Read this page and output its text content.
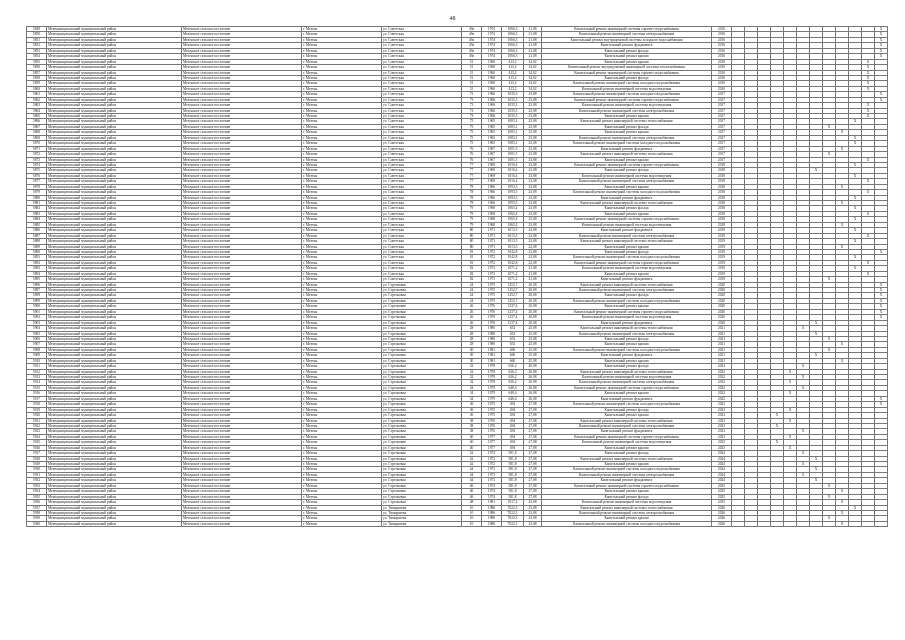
48
5849	Межмуниципальный муниципальный район	Мезенское сельское поселение	г. Мезень	ул. Советская	49а	1974	1066,3	21,08	Капитальный ремонт инженерной системы горячего водоснабжения	2016												X
5850	Межмуниципальный муниципальный район	Мезенское сельское поселение	г. Мезень	ул. Советская	49а	1974	1066,3	21,08	Капитальный ремонт инженерной системы электроснабжения	2016												X
5851	Межмуниципальный муниципальный район	Мезенское сельское поселение	г. Мезень	ул. Советская	49а	1974	1066,3	21,08	Капитальный ремонт внутридомовой системы холодного водоснабжения	2016												X
5852	Межмуниципальный муниципальный район	Мезенское сельское поселение	г. Мезень	ул. Советская	49а	1974	1066,3	21,08	Капитальный ремонт фундамента	2016												X
5853	Межмуниципальный муниципальный район	Мезенское сельское поселение	г. Мезень	ул. Советская	49а	1974	1066,3	21,08	Капитальный ремонт фасада	2016												X
5854	Межмуниципальный муниципальный район	Мезенское сельское поселение	г. Мезень	ул. Советская	49а	1974	1066,3	21,08	Капитальный ремонт крыши	2016												X
5855	Межмуниципальный муниципальный район	Мезенское сельское поселение	г. Мезень	ул. Советская	51	1960	413,2	34,02	Капитальный ремонт крыши	2016											X	
5856	Межмуниципальный муниципальный район	Мезенское сельское поселение	г. Мезень	ул. Советская	51	1960	413,2	34,02	Капитальный ремонт внутридомовой инженерной системы теплоснабжения	2016											X	
5857	Межмуниципальный муниципальный район	Мезенское сельское поселение	г. Мезень	ул. Советская	51	1960	413,2	34,02	Капитальный ремонт инженерной системы горячего водоснабжения	2016											X	
5858	Межмуниципальный муниципальный район	Мезенское сельское поселение	г. Мезень	ул. Советская	51	1960	413,2	34,02	Капитальный ремонт фасада	2016											X	
5859	Межмуниципальный муниципальный район	Мезенское сельское поселение	г. Мезень	ул. Советская	51	1960	413,2	34,02	Капитальный ремонт инженерной системы холодного водоснабжения	2016											X	
5860	Межмуниципальный муниципальный район	Мезенское сельское поселение	г. Мезень	ул. Советская	51	1960	413,2	34,02	Капитальный ремонт инженерной системы водоотведения	2016											X	
5861	Межмуниципальный муниципальный район	Мезенское сельское поселение	г. Мезень	ул. Советская	73	1966	1035,3	23,08	Капитальный ремонт инженерной системы холодного водоснабжения	2017												X
5862	Межмуниципальный муниципальный район	Мезенское сельское поселение	г. Мезень	ул. Советская	73	1966	1035,3	23,08	Капитальный ремонт инженерной системы горячего водоснабжения	2017												X
5863	Межмуниципальный муниципальный район	Мезенское сельское поселение	г. Мезень	ул. Советская	73	1966	1035,3	23,08	Капитальный ремонт инженерной системы водоотведения	2017											X	
5864	Межмуниципальный муниципальный район	Мезенское сельское поселение	г. Мезень	ул. Советская	73	1966	1035,3	23,08	Капитальный ремонт инженерной системы электроснабжения	2017											X	
5865	Межмуниципальный муниципальный район	Мезенское сельское поселение	г. Мезень	ул. Советская	73	1966	1035,3	23,08	Капитальный ремонт крыши	2017											X	
5866	Межмуниципальный муниципальный район	Мезенское сельское поселение	г. Мезень	ул. Советская	75	1965	1083,1	23,08	Капитальный ремонт инженерной системы теплоснабжения	2017										X		
5867	Межмуниципальный муниципальный район	Мезенское сельское поселение	г. Мезень	ул. Советская	75	1965	1083,1	23,08	Капитальный ремонт фасада	2017								X				
5868	Межмуниципальный муниципальный район	Мезенское сельское поселение	г. Мезень	ул. Советская	75	1965	1083,1	23,08	Капитальный ремонт крыши	2017									X			
5869	Межмуниципальный муниципальный район	Мезенское сельское поселение	г. Мезень	ул. Советская	75	1965	1083,1	23,08	Капитальный ремонт инженерной системы электроснабжения	2017										X		
5870	Межмуниципальный муниципальный район	Мезенское сельское поселение	г. Мезень	ул. Советская	75	1965	1083,1	23,08	Капитальный ремонт инженерной системы холодного водоснабжения	2017										X		
5871	Межмуниципальный муниципальный район	Мезенское сельское поселение	г. Мезень	ул. Советская	76	1967	1001,5	23,08	Капитальный ремонт фундамента	2017									X			
5872	Межмуниципальный муниципальный район	Мезенское сельское поселение	г. Мезень	ул. Советская	76	1967	1001,5	23,08	Капитальный ремонт инженерной системы теплоснабжения	2017								X				
5873	Межмуниципальный муниципальный район	Мезенское сельское поселение	г. Мезень	ул. Советская	76	1967	1001,5	23,08	Капитальный ремонт крыши	2017											X	
5874	Межмуниципальный муниципальный район	Мезенское сельское поселение	г. Мезень	ул. Советская	77	1969	1016,4	23,08	Капитальный ремонт инженерной системы горячего водоснабжения	2018										X		
5875	Межмуниципальный муниципальный район	Мезенское сельское поселение	г. Мезень	ул. Советская	77	1969	1016,4	23,08	Капитальный ремонт фасада	2018							X					
5876	Межмуниципальный муниципальный район	Мезенское сельское поселение	г. Мезень	ул. Советская	77	1969	1016,4	23,08	Капитальный ремонт инженерной системы водоотведения	2018										X		
5877	Межмуниципальный муниципальный район	Мезенское сельское поселение	г. Мезень	ул. Советская	77	1969	1016,4	23,08	Капитальный ремонт инженерной системы электроснабжения	2018											X	
5878	Межмуниципальный муниципальный район	Мезенское сельское поселение	г. Мезень	ул. Советская	78	1966	1093,5	23,08	Капитальный ремонт крыши	2018									X			
5879	Межмуниципальный муниципальный район	Мезенское сельское поселение	г. Мезень	ул. Советская	78	1966	1093,5	23,08	Капитальный ремонт инженерной системы холодного водоснабжения	2018											X	
5880	Межмуниципальный муниципальный район	Мезенское сельское поселение	г. Мезень	ул. Советская	78	1966	1093,5	23,08	Капитальный ремонт фундамента	2018										X		
5881	Межмуниципальный муниципальный район	Мезенское сельское поселение	г. Мезень	ул. Советская	78	1966	1093,5	23,08	Капитальный ремонт инженерной системы теплоснабжения	2018									X			
5882	Межмуниципальный муниципальный район	Мезенское сельское поселение	г. Мезень	ул. Советская	79	1968	1065,4	23,08	Капитальный ремонт фасада	2018										X		
5883	Межмуниципальный муниципальный район	Мезенское сельское поселение	г. Мезень	ул. Советская	79	1968	1065,4	23,08	Капитальный ремонт крыши	2018											X	
5884	Межмуниципальный муниципальный район	Мезенское сельское поселение	г. Мезень	ул. Советская	79	1968	1065,4	23,08	Капитальный ремонт инженерной системы горячего водоснабжения	2018										X		
5885	Межмуниципальный муниципальный район	Мезенское сельское поселение	г. Мезень	ул. Советская	79	1968	1065,4	23,08	Капитальный ремонт инженерной системы водоотведения	2018									X			
5886	Межмуниципальный муниципальный район	Мезенское сельское поселение	г. Мезень	ул. Советская	80	1971	1013,5	22,08	Капитальный ремонт фундамента	2019										X		
5887	Межмуниципальный муниципальный район	Мезенское сельское поселение	г. Мезень	ул. Советская	80	1971	1013,5	22,08	Капитальный ремонт инженерной системы электроснабжения	2019											X	
5888	Межмуниципальный муниципальный район	Мезенское сельское поселение	г. Мезень	ул. Советская	80	1971	1013,5	22,08	Капитальный ремонт инженерной системы теплоснабжения	2019										X		
5889	Межмуниципальный муниципальный район	Мезенское сельское поселение	г. Мезень	ул. Советская	80	1971	1013,5	22,08	Капитальный ремонт крыши	2019									X			
5890	Межмуниципальный муниципальный район	Мезенское сельское поселение	г. Мезень	ул. Советская	81	1972	1042,8	22,08	Капитальный ремонт фасада	2019												X
5891	Межмуниципальный муниципальный район	Мезенское сельское поселение	г. Мезень	ул. Советская	81	1972	1042,8	22,08	Капитальный ремонт инженерной системы холодного водоснабжения	2019										X		
5892	Межмуниципальный муниципальный район	Мезенское сельское поселение	г. Мезень	ул. Советская	81	1972	1042,8	22,08	Капитальный ремонт инженерной системы горячего водоснабжения	2019											X	
5893	Межмуниципальный муниципальный район	Мезенское сельское поселение	г. Мезень	ул. Советская	82	1973	1071,2	21,08	Капитальный ремонт инженерной системы водоотведения	2019										X		
5894	Межмуниципальный муниципальный район	Мезенское сельское поселение	г. Мезень	ул. Советская	82	1973	1071,2	21,08	Капитальный ремонт крыши	2019											X	
5895	Межмуниципальный муниципальный район	Мезенское сельское поселение	г. Мезень	ул. Советская	82	1973	1071,2	21,08	Капитальный ремонт фундамента	2019								X				
5896	Межмуниципальный муниципальный район	Мезенское сельское поселение	г. Мезень	ул. Стрелковая	24	1975	1252,7	20,08	Капитальный ремонт инженерной системы теплоснабжения	2020												X
5897	Межмуниципальный муниципальный район	Мезенское сельское поселение	г. Мезень	ул. Стрелковая	24	1975	1252,7	20,08	Капитальный ремонт инженерной системы электроснабжения	2020												X
5898	Межмуниципальный муниципальный район	Мезенское сельское поселение	г. Мезень	ул. Стрелковая	24	1975	1252,7	20,08	Капитальный ремонт фасада	2020												X
5899	Межмуниципальный муниципальный район	Мезенское сельское поселение	г. Мезень	ул. Стрелковая	24	1975	1252,7	20,08	Капитальный ремонт инженерной системы холодного водоснабжения	2020												X
5900	Межмуниципальный муниципальный район	Мезенское сельское поселение	г. Мезень	ул. Стрелковая	26	1976	1237,4	20,08	Капитальный ремонт крыши	2020												X
5901	Межмуниципальный муниципальный район	Мезенское сельское поселение	г. Мезень	ул. Стрелковая	26	1976	1237,4	20,08	Капитальный ремонт инженерной системы горячего водоснабжения	2020												X
5902	Межмуниципальный муниципальный район	Мезенское сельское поселение	г. Мезень	ул. Стрелковая	26	1976	1237,4	20,08	Капитальный ремонт инженерной системы водоотведения	2020												X
5903	Межмуниципальный муниципальный район	Мезенское сельское поселение	г. Мезень	ул. Стрелковая	26	1976	1237,4	20,08	Капитальный ремонт фундамента	2020							X					
5904	Межмуниципальный муниципальный район	Мезенское сельское поселение	г. Мезень	ул. Стрелковая	28	1980	652	25,08	Капитальный ремонт инженерной системы теплоснабжения	2021						X						
5905	Межмуниципальный муниципальный район	Мезенское сельское поселение	г. Мезень	ул. Стрелковая	28	1980	652	25,08	Капитальный ремонт инженерной системы электроснабжения	2021							X					
5906	Межмуниципальный муниципальный район	Мезенское сельское поселение	г. Мезень	ул. Стрелковая	28	1980	652	25,08	Капитальный ремонт фасада	2021								X				
5907	Межмуниципальный муниципальный район	Мезенское сельское поселение	г. Мезень	ул. Стрелковая	28	1980	652	25,08	Капитальный ремонт крыши	2021									X			
5908	Межмуниципальный муниципальный район	Мезенское сельское поселение	г. Мезень	ул. Стрелковая	30	1981	660	25,08	Капитальный ремонт инженерной системы холодного водоснабжения	2021								X				
5909	Межмуниципальный муниципальный район	Мезенское сельское поселение	г. Мезень	ул. Стрелковая	30	1981	660	25,08	Капитальный ремонт фундамента	2021							X					
5910	Межмуниципальный муниципальный район	Мезенское сельское поселение	г. Мезень	ул. Стрелковая	30	1981	660	25,08	Капитальный ремонт крыши	2021									X			
5911	Межмуниципальный муниципальный район	Мезенское сельское поселение	г. Мезень	ул. Стрелковая	32	1978	636,2	26,08	Капитальный ремонт фасада	2022						X						
5912	Межмуниципальный муниципальный район	Мезенское сельское поселение	г. Мезень	ул. Стрелковая	32	1978	636,2	26,08	Капитальный ремонт инженерной системы теплоснабжения	2022					X							
5913	Межмуниципальный муниципальный район	Мезенское сельское поселение	г. Мезень	ул. Стрелковая	32	1978	636,2	26,08	Капитальный ремонт инженерной системы водоотведения	2022						X						
5914	Межмуниципальный муниципальный район	Мезенское сельское поселение	г. Мезень	ул. Стрелковая	32	1978	636,2	26,08	Капитальный ремонт инженерной системы электроснабжения	2022					X							
5915	Межмуниципальный муниципальный район	Мезенское сельское поселение	г. Мезень	ул. Стрелковая	34	1979	648,4	26,08	Капитальный ремонт инженерной системы горячего водоснабжения	2022						X						
5916	Межмуниципальный муниципальный район	Мезенское сельское поселение	г. Мезень	ул. Стрелковая	34	1979	648,4	26,08	Капитальный ремонт крыши	2022					X							
5917	Межмуниципальный муниципальный район	Мезенское сельское поселение	г. Мезень	ул. Стрелковая	34	1979	648,4	26,08	Капитальный ремонт фундамента	2022												X
5918	Межмуниципальный муниципальный район	Мезенское сельское поселение	г. Мезень	ул. Стрелковая	36	1975	494	27,08	Капитальный ремонт инженерной системы холодного водоснабжения	2023												X
5919	Межмуниципальный муниципальный район	Мезенское сельское поселение	г. Мезень	ул. Стрелковая	36	1975	494	27,08	Капитальный ремонт фасада	2023					X							
5920	Межмуниципальный муниципальный район	Мезенское сельское поселение	г. Мезень	ул. Стрелковая	36	1975	494	27,08	Капитальный ремонт крыши	2023				X								
5921	Межмуниципальный муниципальный район	Мезенское сельское поселение	г. Мезень	ул. Стрелковая	38	1976	494	27,08	Капитальный ремонт инженерной системы теплоснабжения	2023					X							
5922	Межмуниципальный муниципальный район	Мезенское сельское поселение	г. Мезень	ул. Стрелковая	38	1976	494	27,08	Капитальный ремонт инженерной системы электроснабжения	2023				X								
5923	Межмуниципальный муниципальный район	Мезенское сельское поселение	г. Мезень	ул. Стрелковая	38	1976	494	27,08	Капитальный ремонт фундамента	2023						X						
5924	Межмуниципальный муниципальный район	Мезенское сельское поселение	г. Мезень	ул. Стрелковая	40	1977	494	27,08	Капитальный ремонт инженерной системы горячего водоснабжения	2023					X							
5925	Межмуниципальный муниципальный район	Мезенское сельское поселение	г. Мезень	ул. Стрелковая	40	1977	494	27,08	Капитальный ремонт инженерной системы водоотведения	2023				X								
5926	Межмуниципальный муниципальный район	Мезенское сельское поселение	г. Мезень	ул. Стрелковая	40	1977	494	27,08	Капитальный ремонт крыши	2023					X							
5927	Межмуниципальный муниципальный район	Мезенское сельское поселение	г. Мезень	ул. Стрелковая	42	1972	581,8	27,08	Капитальный ремонт фасада	2024						X						
5928	Межмуниципальный муниципальный район	Мезенское сельское поселение	г. Мезень	ул. Стрелковая	42	1972	581,8	27,08	Капитальный ремонт инженерной системы теплоснабжения	2024							X					
5929	Межмуниципальный муниципальный район	Мезенское сельское поселение	г. Мезень	ул. Стрелковая	42	1972	581,8	27,08	Капитальный ремонт крыши	2024						X						
5930	Межмуниципальный муниципальный район	Мезенское сельское поселение	г. Мезень	ул. Стрелковая	44	1973	581,8	27,08	Капитальный ремонт инженерной системы холодного водоснабжения	2024							X					
5931	Межмуниципальный муниципальный район	Мезенское сельское поселение	г. Мезень	ул. Стрелковая	44	1973	581,8	27,08	Капитальный ремонт инженерной системы электроснабжения	2024						X						
5932	Межмуниципальный муниципальный район	Мезенское сельское поселение	г. Мезень	ул. Стрелковая	44	1973	581,8	27,08	Капитальный ремонт фундамента	2024							X					
5933	Межмуниципальный муниципальный район	Мезенское сельское поселение	г. Мезень	ул. Стрелковая	46	1974	581,8	27,08	Капитальный ремонт инженерной системы горячего водоснабжения	2025								X				
5934	Межмуниципальный муниципальный район	Мезенское сельское поселение	г. Мезень	ул. Стрелковая	46	1974	581,8	27,08	Капитальный ремонт крыши	2025									X			
5935	Межмуниципальный муниципальный район	Мезенское сельское поселение	г. Мезень	ул. Стрелковая	46	1974	581,8	27,08	Капитальный ремонт фасада	2025								X				
5936	Межмуниципальный муниципальный район	Мезенское сельское поселение	г. Мезень	ул. Стрелковая	48	1981	1017,2	23,08	Капитальный ремонт инженерной системы водоотведения	2025									X			
5937	Межмуниципальный муниципальный район	Мезенское сельское поселение	г. Мезень	ул. Тимирязева	10	1986	7022,3	23,08	Капитальный ремонт инженерной системы теплоснабжения	2026										X		
5938	Межмуниципальный муниципальный район	Мезенское сельское поселение	г. Мезень	ул. Тимирязева	10	1986	7022,3	23,08	Капитальный ремонт инженерной системы электроснабжения	2026									X			
5939	Межмуниципальный муниципальный район	Мезенское сельское поселение	г. Мезень	ул. Тимирязева	10	1986	7022,3	23,08	Капитальный ремонт крыши	2026								X				
5940	Межмуниципальный муниципальный район	Мезенское сельское поселение	г. Мезень	ул. Тимирязева	10	1986	7022,3	23,08	Капитальный ремонт инженерной системы холодного водоснабжения	2026									X			
